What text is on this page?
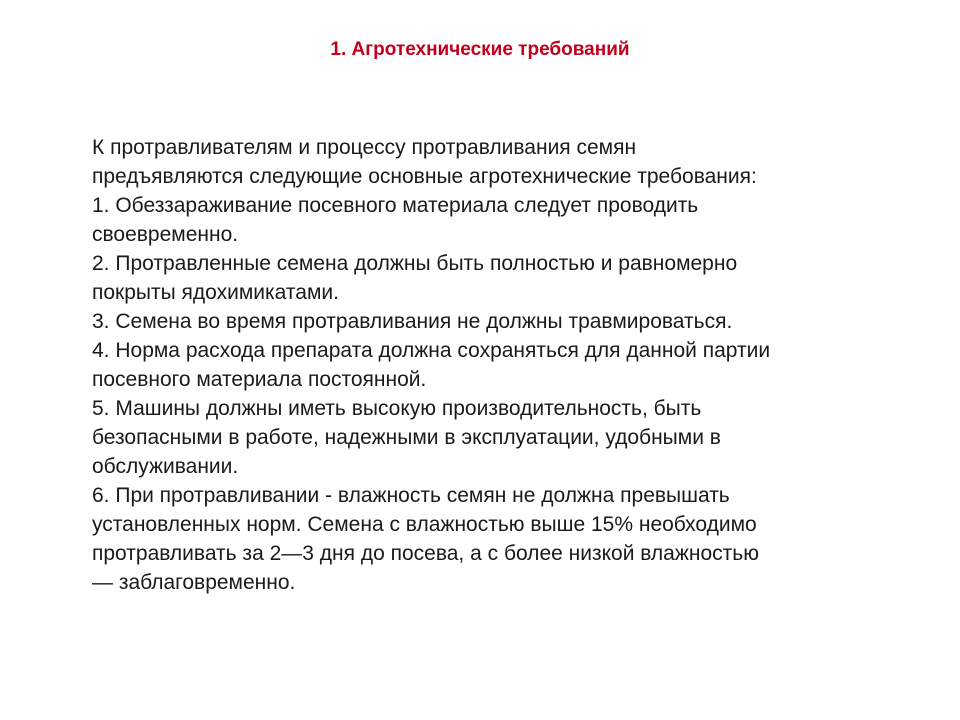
1. Агротехнические требований
К протравливателям и процессу протравливания семян
предъявляются следующие основные агротехнические требования:
1. Обеззараживание посевного материала следует проводить
своевременно.
2. Протравленные семена должны быть полностью и равномерно
покрыты ядохимикатами.
3. Семена во время протравливания не должны травмироваться.
4. Норма расхода препарата должна сохраняться для данной партии
посевного материала постоянной.
5. Машины должны иметь высокую производительность, быть
безопасными в работе, надежными в эксплуатации, удобными в
обслуживании.
6. При протравливании - влажность семян не должна превышать
установленных норм. Семена с влажностью выше 15% необходимо
протравливать за 2—3 дня до посева, а с более низкой влажностью
— заблаговременно.
